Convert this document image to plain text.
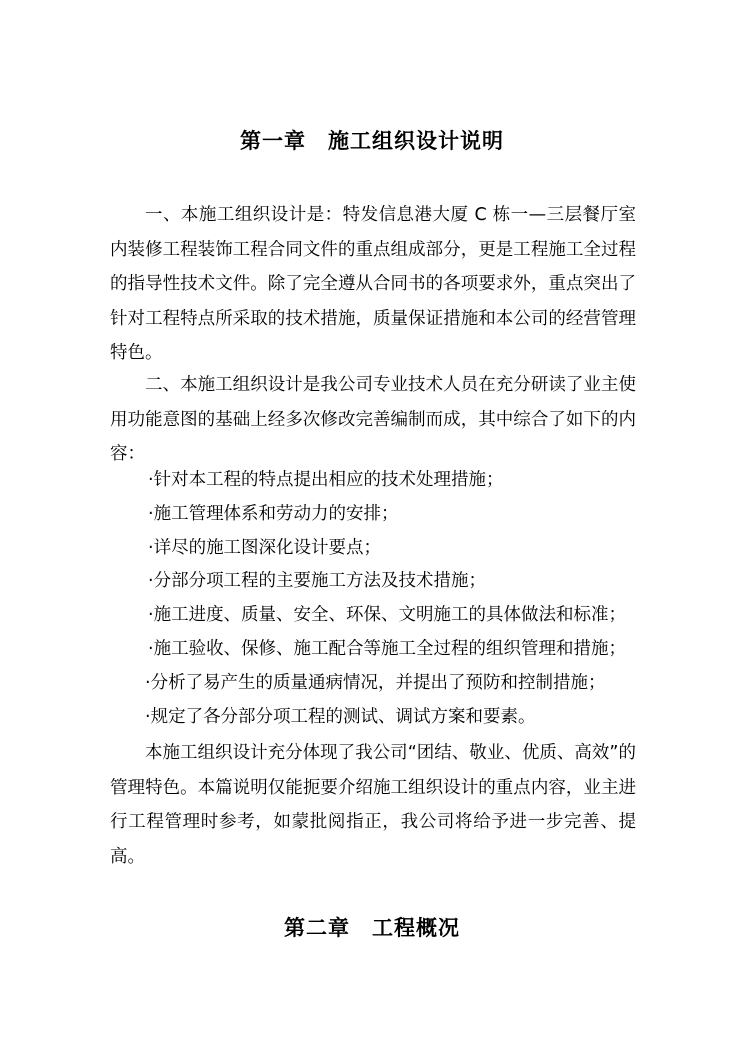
第一章　施工组织设计说明

一、本施工组织设计是：特发信息港大厦 C 栋一—三层餐厅室内装修工程装饰工程合同文件的重点组成部分，更是工程施工全过程的指导性技术文件。除了完全遵从合同书的各项要求外，重点突出了针对工程特点所采取的技术措施，质量保证措施和本公司的经营管理特色。

二、本施工组织设计是我公司专业技术人员在充分研读了业主使用功能意图的基础上经多次修改完善编制而成，其中综合了如下的内容：

·针对本工程的特点提出相应的技术处理措施；
·施工管理体系和劳动力的安排；
·详尽的施工图深化设计要点；
·分部分项工程的主要施工方法及技术措施；
·施工进度、质量、安全、环保、文明施工的具体做法和标准；
·施工验收、保修、施工配合等施工全过程的组织管理和措施；
·分析了易产生的质量通病情况，并提出了预防和控制措施；
·规定了各分部分项工程的测试、调试方案和要素。

本施工组织设计充分体现了我公司“团结、敬业、优质、高效”的管理特色。本篇说明仅能扼要介绍施工组织设计的重点内容，业主进行工程管理时参考，如蒙批阅指正，我公司将给予进一步完善、提高。

第二章　工程概况
